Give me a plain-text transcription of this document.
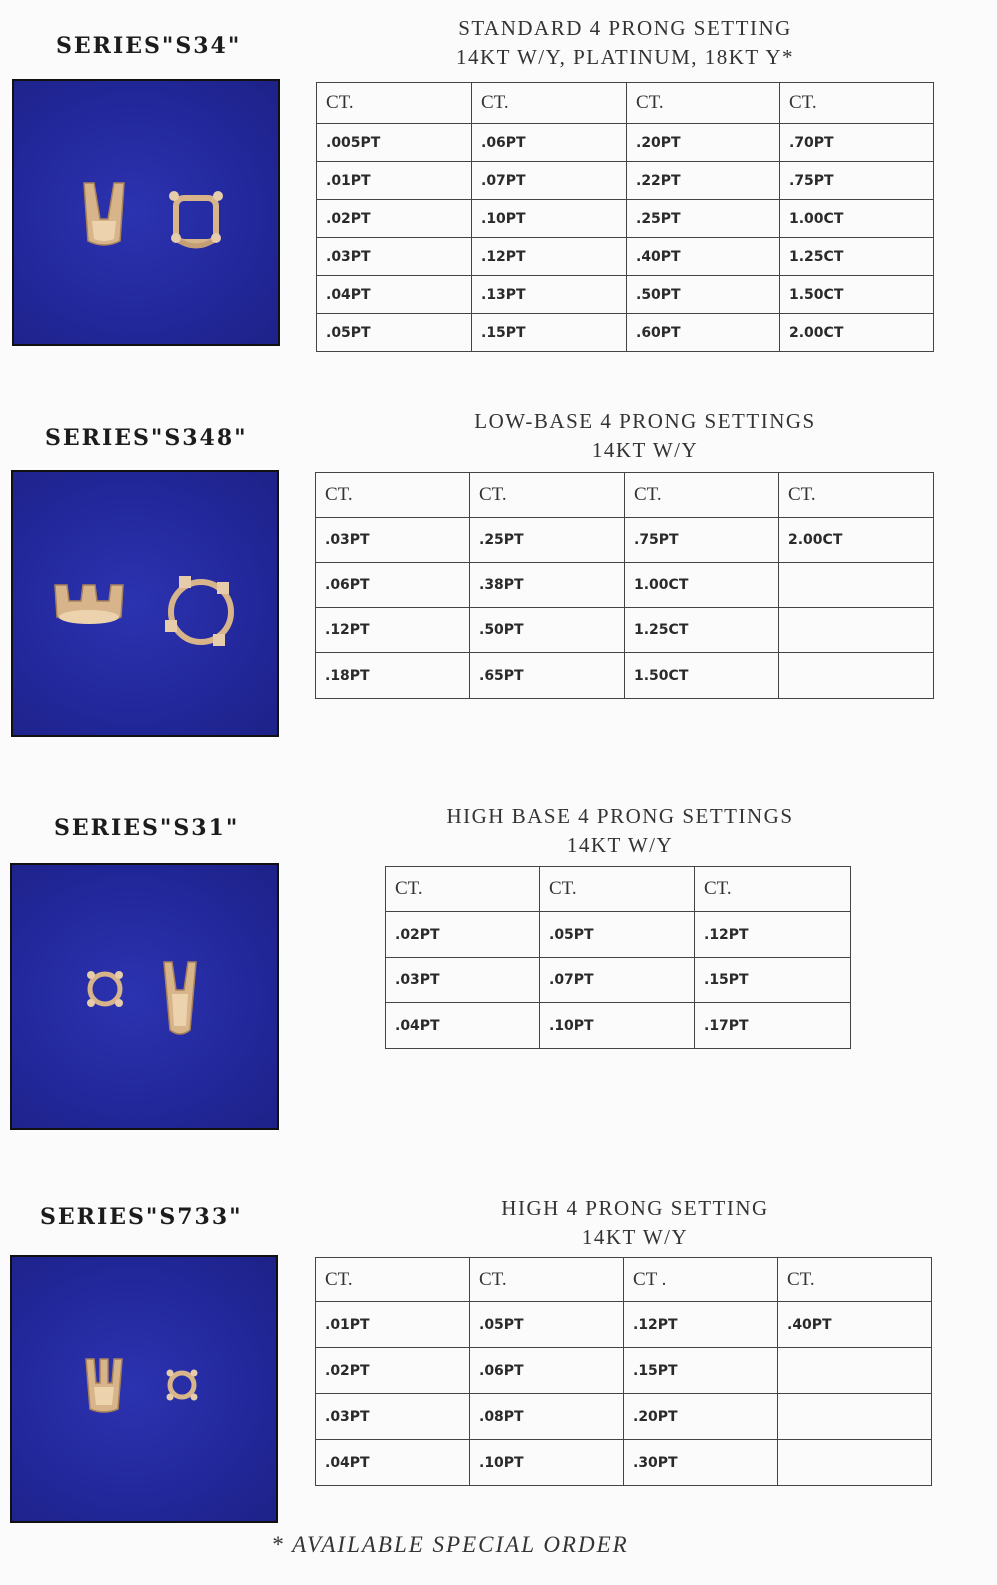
SERIES"S34"
STANDARD 4 PRONG SETTING
14KT W/Y, PLATINUM, 18KT Y*
CT.	CT.	CT.	CT.
.005PT	.06PT	.20PT	.70PT
.01PT	.07PT	.22PT	.75PT
.02PT	.10PT	.25PT	1.00CT
.03PT	.12PT	.40PT	1.25CT
.04PT	.13PT	.50PT	1.50CT
.05PT	.15PT	.60PT	2.00CT
SERIES"S348"
LOW-BASE 4 PRONG SETTINGS
14KT W/Y
CT.	CT.	CT.	CT.
.03PT	.25PT	.75PT	2.00CT
.06PT	.38PT	1.00CT	
.12PT	.50PT	1.25CT	
.18PT	.65PT	1.50CT	
SERIES"S31"	HIGH BASE 4 PRONG SETTINGS
14KT W/Y
CT.	CT.	CT.
.02PT	.05PT	.12PT
.03PT	.07PT	.15PT
.04PT	.10PT	.17PT
SERIES"S733"	HIGH 4 PRONG SETTING
14KT W/Y
CT.	CT.	CT .	CT.
.01PT	.05PT	.12PT	.40PT
.02PT	.06PT	.15PT	
.03PT	.08PT	.20PT	
.04PT	.10PT	.30PT	
* AVAILABLE SPECIAL ORDER
